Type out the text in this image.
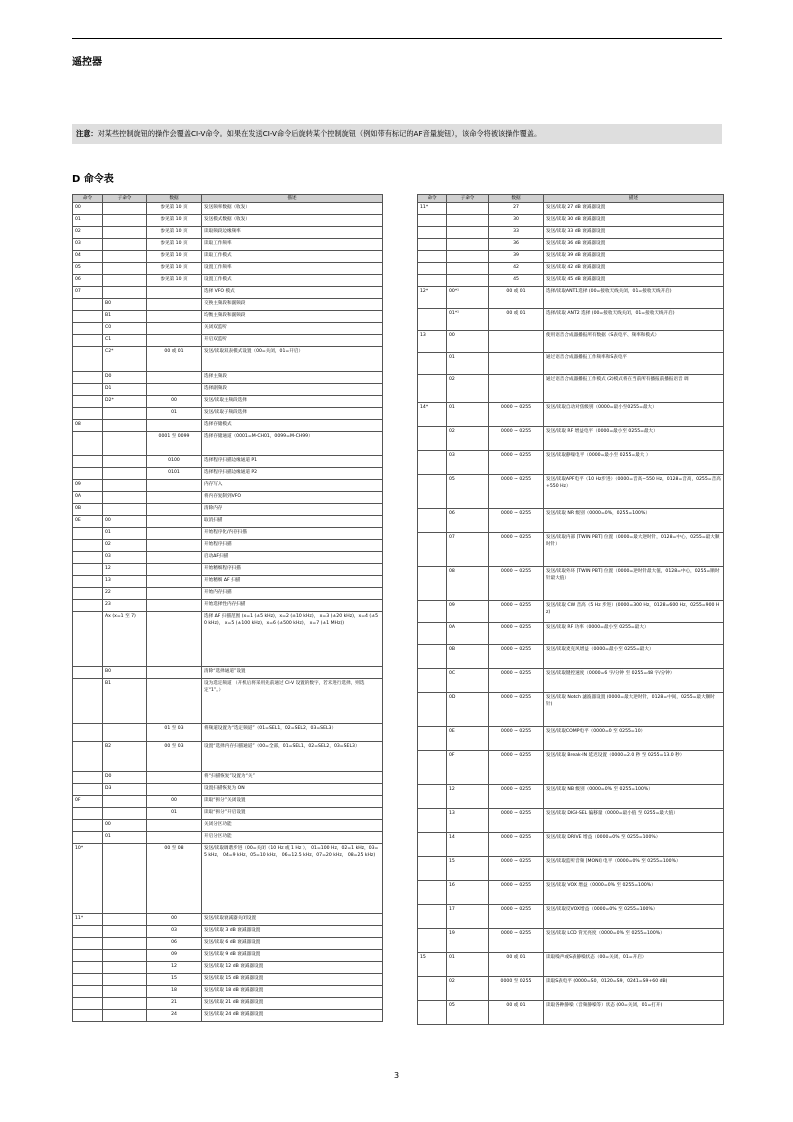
遥控器
注意：对某些控制旋钮的操作会覆盖CI-V命令。如果在发送CI-V命令后旋转某个控制旋钮（例如带有标记的AF音量旋钮），该命令将被该操作覆盖。
D 命令表
命令	子命令	数据	描述
00		参见第 10 页	发送频率数据（收发）
01		参见第 10 页	发送模式数据（收发）
02		参见第 10 页	读取频段边缘频率
03		参见第 10 页	读取工作频率
04		参见第 10 页	读取工作模式
05		参见第 10 页	设置工作频率
06		参见第 10 页	设置工作模式
07			选择 VFO 模式
	B0		交换主频段和副频段
	B1		均衡主频段和副频段
	C0		关闭双监听
	C1		开启双监听
	C2*	00 或 01	发送/读取双表模式设置（00=关闭，01=开启）
	D0		选择主频段
	D1		选择副频段
	D2*	00	发送/读取主频段选择
		01	发送/读取子频段选择
08			选择存储模式
		0001 至 0099	选择存储通道（0001=M-CH01，0099=M-CH99）
		0100	选择程序扫描边缘通道 P1
		0101	选择程序扫描边缘通道 P2
09			内存写入
0A			将内存复制到VFO
0B			清除内存
0E	00		取消扫描
	01		开始程序化/内存扫描
	02		开始程序扫描
	03		启动ΔF扫描
	12		开始精细程序扫描
	13		开始精细 ΔF 扫描
	22		开始内存扫描
	23		开始选择性内存扫描
	Ax (x=1 至 7)		选择 ΔF 扫描范围 (x=1 (±5 kHz)，x=2 (±10 kHz)， x=3 (±20 kHz)，x=4 (±50 kHz)， x=5 (±100 kHz)，x=6 (±500 kHz)， x=7 (±1 MHz))
	B0		清除“选择通道”设置
	B1		设为选定频道 （开机后将采用先前通过 CI-V 设置的数字，若未进行选择，则选定“1”。）
		01 至 03	将频道设置为“选定频道”（01=SEL1，02=SEL2，03=SEL3）
	B2	00 至 03	设置“选择内存扫描通道”（00=全部，01=SEL1，02=SEL2，03=SEL3）
	D0		将“扫描恢复”设置为“关”
	D3		设置扫描恢复为 ON
0F		00	读取“拆分”关闭设置
		01	读取“拆分”开启设置
	00		关闭分区功能
	01		开启分区功能
10*		00 至 08	发送/读取调谐步进（00=关闭（10 Hz 或 1 Hz ）， 01=100 Hz，02=1 kHz，03=5 kHz， 04=9 kHz，05=10 kHz， 06=12.5 kHz，07=20 kHz， 08=25 kHz)
11*		00	发送/读取衰减器关闭设置
		03	发送/读取 3 dB 衰减器设置
		06	发送/读取 6 dB 衰减器设置
		09	发送/读取 9 dB 衰减器设置
		12	发送/读取 12 dB 衰减器设置
		15	发送/读取 15 dB 衰减器设置
		18	发送/读取 18 dB 衰减器设置
		21	发送/读取 21 dB 衰减器设置
		24	发送/读取 24 dB 衰减器设置
命令	子命令	数据	描述
11*		27	发送/读取 27 dB 衰减器设置
		30	发送/读取 30 dB 衰减器设置
		33	发送/读取 33 dB 衰减器设置
		36	发送/读取 36 dB 衰减器设置
		39	发送/读取 39 dB 衰减器设置
		42	发送/读取 42 dB 衰减器设置
		45	发送/读取 45 dB 衰减器设置
12*	00*¹	00 或 01	选择/读取ANT1选择 (00=接收天线关闭，01=接收天线开启)
	01*¹	00 或 01	选择/读取 ANT2 选择 (00=接收天线关闭，01=接收天线开启)
13	00		使用语音合成器播报所有数据（S表电平、频率和模式）
	01		通过语音合成器播报工作频率和S表电平
	02		通过语音合成器播报工作模式 (2)模式将在当前所有播报前播报语音 调
14*	01	0000 ~ 0255	发送/读取自动对焦级别（0000=最小至0255=最大）
	02	0000 ~ 0255	发送/读取 RF 增益电平（0000=最小至 0255=最大）
	03	0000 ~ 0255	发送/读取静噪电平（0000=最小至 0255=最大 ）
	05	0000 ~ 0255	发送/读取APF电平（10 Hz步进）（0000=音高−550 Hz，0128=音高，0255=音高+550 Hz）
	06	0000 ~ 0255	发送/读取 NR 级别（0000=0%，0255=100%）
	07	0000 ~ 0255	发送/读取内部 [TWIN PBT] 位置（0000=最大逆时针，0128=中心，0255=最大顺时针）
	08	0000 ~ 0255	发送/读取外环 [TWIN PBT] 位置（0000=逆时针最大值，0128=中心，0255=顺时针最大值）
	09	0000 ~ 0255	发送/读取 CW 音高（5 Hz 步进）(0000=300 Hz，0128=600 Hz，0255=900 Hz)
	0A	0000 ~ 0255	发送/读取 RF 功率（0000=最小至 0255=最大）
	0B	0000 ~ 0255	发送/读取麦克风增益（0000=最小至 0255=最大）
	0C	0000 ~ 0255	发送/读取键控速度（0000=6 字/分钟 至 0255=48 字/分钟）
	0D	0000 ~ 0255	发送/读取 Notch 滤波器设置 (0000=最大逆时针，0128=中间，0255=最大顺时针)
	0E	0000 ~ 0255	发送/读取COMP电平（0000=0 至 0255=10）
	0F	0000 ~ 0255	发送/读取 Break-IN 延迟设置（0000=2.0 秒 至 0255=13.0 秒）
	12	0000 ~ 0255	发送/读取 NB 级别（0000=0% 至 0255=100%）
	13	0000 ~ 0255	发送/读取 DIGI-SEL 偏移量（0000=最小值 至 0255=最大值）
	14	0000 ~ 0255	发送/读取 DRIVE 增益（0000=0% 至 0255=100%）
	15	0000 ~ 0255	发送/读取监听音频 [MONI] 电平（0000=0% 至 0255=100%）
	16	0000 ~ 0255	发送/读取 VOX 增益（0000=0% 至 0255=100%）
	17	0000 ~ 0255	发送/读取反VOX增益（0000=0% 至 0255=100%）
	19	0000 ~ 0255	发送/读取 LCD 背光亮度（0000=0% 至 0255=100%）
15	01	00 或 01	读取噪声或S表静噪状态（00=关闭，01=开启）
	02	0000 至 0255	读取S表电平 (0000=S0，0120=S9，0241=S9+60 dB)
	05	00 或 01	读取各种静噪（音频静噪等）状态 (00=关闭，01=打开)
3
